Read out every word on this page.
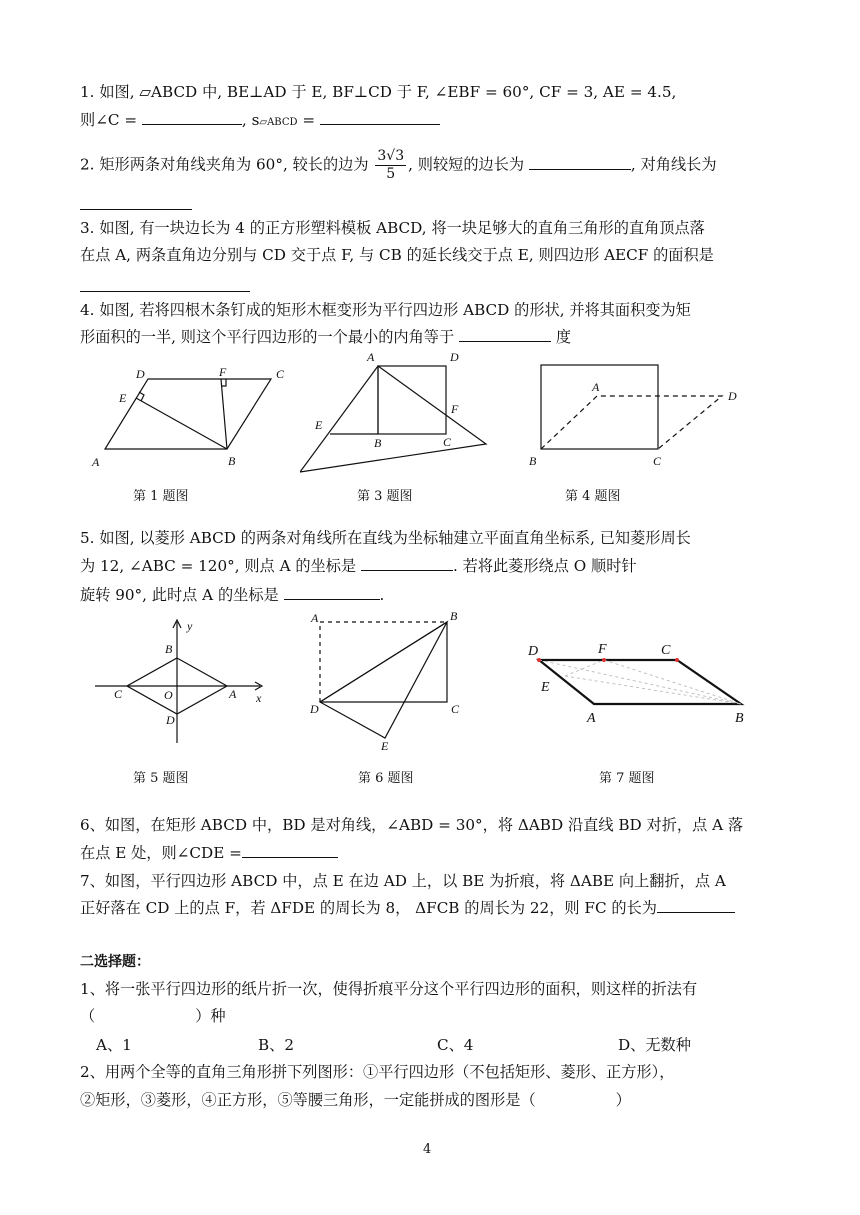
1. 如图, ▱ABCD 中, BE⊥AD 于 E, BF⊥CD 于 F, ∠EBF = 60°, CF = 3, AE = 4.5,
则∠C =	, s▱ABCD =
2. 矩形两条对角线夹角为 60°, 较长的边为 $\frac{3√3}{5}$ , 则较短的边长为	, 对角线长为
3. 如图, 有一块边长为 4 的正方形塑料模板 ABCD, 将一块足够大的直角三角形的直角顶点落
在点 A, 两条直角边分别与 CD 交于点 F, 与 CB 的延长线交于点 E, 则四边形 AECF 的面积是
4. 如图, 若将四根木条钉成的矩形木框变形为平行四边形 ABCD 的形状, 并将其面积变为矩
形面积的一半, 则这个平行四边形的一个最小的内角等于	度
A	B
C
D
E
F
第 1 题图
A
B	C
D
E
F
第 3 题图
B
A
C
D
第 4 题图
5. 如图, 以菱形 ABCD 的两条对角线所在直线为坐标轴建立平面直角坐标系, 已知菱形周长
为 12, ∠ABC = 120°, 则点 A 的坐标是	. 若将此菱形绕点 O 顺时针
旋转 90°, 此时点 A 的坐标是	.
y
B
C	O	A x
D
第 5 题图
A	B
C
D
E
第 6 题图
D	F	C
E
A	B
第 7 题图
6、如图，在矩形 ABCD 中，BD 是对角线，∠ABD = 30°，将 ΔABD 沿直线 BD 对折，点 A 落
在点 E 处，则∠CDE =
7、如图，平行四边形 ABCD 中，点 E 在边 AD 上，以 BE 为折痕，将 ΔABE 向上翻折，点 A
正好落在 CD 上的点 F，若 ΔFDE 的周长为 8， ΔFCB 的周长为 22，则 FC 的长为
二选择题：
1、将一张平行四边形的纸片折一次，使得折痕平分这个平行四边形的面积，则这样的折法有
（	）种
A、1	B、2	C、4	D、无数种
2、用两个全等的直角三角形拼下列图形：①平行四边形（不包括矩形、菱形、正方形），
②矩形，③菱形，④正方形，⑤等腰三角形，一定能拼成的图形是（	）
4
